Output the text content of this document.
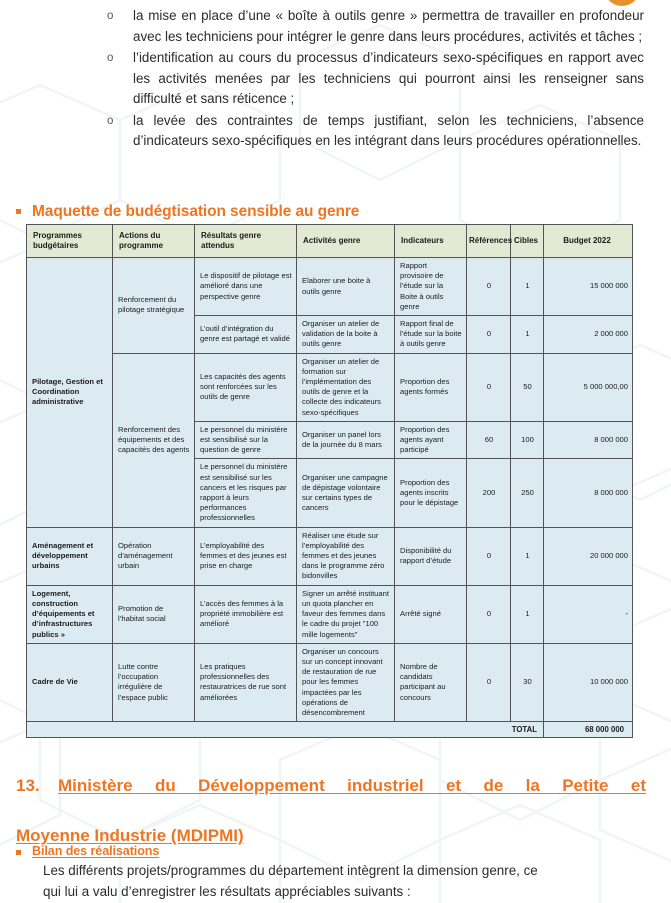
o	la mise en place d’une « boîte à outils genre » permettra de travailler en profondeur avec les techniciens pour intégrer le genre dans leurs procédures, activités et tâches ;
o	l’identification au cours du processus d’indicateurs sexo-spécifiques en rapport avec les activités menées par les techniciens qui pourront ainsi les renseigner sans difficulté et sans réticence ;
o	la levée des contraintes de temps justifiant, selon les techniciens, l’absence d’indicateurs sexo-spécifiques en les intégrant dans leurs procédures opérationnelles.
Maquette de budégtisation sensible au genre
Programmes budgétaires	Actions du programme	Résultats genre attendus	Activités genre	Indicateurs	Références	Cibles	Budget 2022
Pilotage, Gestion et Coordination administrative	Renforcement du pilotage stratégique	Le dispositif de pilotage est amélioré dans une perspective genre	Elaborer une boite à outils genre	Rapport provisoire de l’étude sur la Boite à outils genre	0	1	15 000 000
		L’outil d’intégration du genre est partagé et validé	Organiser un atelier de validation de la boite à outils genre	Rapport final de l’étude sur la boite à outils genre	0	1	2 000 000
	Renforcement des équipements et des capacités des agents	Les capacités des agents sont renforcées sur les outils de genre	Organiser un atelier de formation sur l’implémentation des outils de genre et la collecte des indicateurs sexo-spécifiques	Proportion des agents formés	0	50	5 000 000,00
		Le personnel du ministère est sensibilisé sur la question de genre	Organiser un panel lors de la journée du 8 mars	Proportion des agents ayant participé	60	100	8 000 000
		Le personnel du ministère est sensibilisé sur les cancers et les risques par rapport à leurs performances professionnelles	Organiser une campagne de dépistage volontaire sur certains types de cancers	Proportion des agents inscrits pour le dépistage	200	250	8 000 000
Aménagement et développement urbains	Opération d’aménagement urbain	L’employabilité des femmes et des jeunes est prise en charge	Réaliser une étude sur l’employabilité des femmes et des jeunes dans le programme zéro bidonvilles	Disponibilité du rapport d’étude	0	1	20 000 000
Logement, construction d’équipements et d’infrastructures publics »	Promotion de l’habitat social	L’accès des femmes à la propriété immobilière est amélioré	Signer un arrêté instituant un quota plancher en faveur des femmes dans le cadre du projet "100 mille logements"	Arrêté signé	0	1	-
Cadre de Vie	Lutte contre l’occupation irrégulière de l’espace public	Les pratiques professionnelles des restauratrices de rue sont améliorées	Organiser un concours sur un concept innovant de restauration de rue pour les femmes impactées par les opérations de désencombrement	Nombre de candidats participant au concours	0	30	10 000 000
TOTAL							68 000 000
13.	Ministère du Développement industriel et de la Petite et
Moyenne Industrie (MDIPMI)
Bilan des réalisations
Les différents projets/programmes du département intègrent la dimension genre, ce
qui lui a valu d’enregistrer les résultats appréciables suivants :
